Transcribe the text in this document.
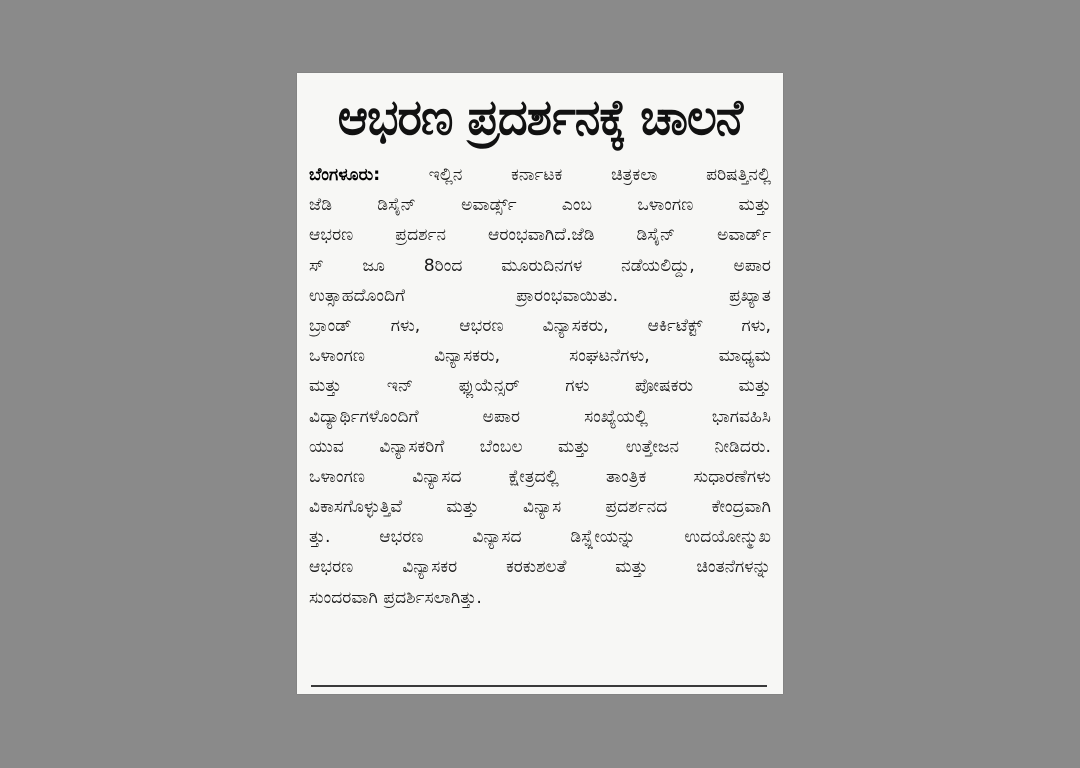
ಆಭರಣ ಪ್ರದರ್ಶನಕ್ಕೆ ಚಾಲನೆ
ಬೆಂಗಳೂರು: ಇಲ್ಲಿನ ಕರ್ನಾಟಕ ಚಿತ್ರಕಲಾ ಪರಿಷತ್ತಿನಲ್ಲಿ
ಜೆಡಿ ಡಿಸೈನ್ ಅವಾರ್ಡ್ಸ್ ಎಂಬ ಒಳಾಂಗಣ ಮತ್ತು
ಆಭರಣ ಪ್ರದರ್ಶನ ಆರಂಭವಾಗಿದೆ.ಜೆಡಿ ಡಿಸೈನ್ ಅವಾರ್ಡ್
ಸ್ ಜೂ 8ರಿಂದ ಮೂರುದಿನಗಳ ನಡೆಯಲಿದ್ದು, ಅಪಾರ
ಉತ್ಸಾಹದೊಂದಿಗೆ ಪ್ರಾರಂಭವಾಯಿತು. ಪ್ರಖ್ಯಾತ
ಬ್ರಾಂಡ್ ಗಳು, ಆಭರಣ ವಿನ್ಯಾಸಕರು, ಆರ್ಕಿಟೆಕ್ಟ್ ಗಳು,
ಒಳಾಂಗಣ ವಿನ್ಯಾಸಕರು, ಸಂಘಟನೆಗಳು, ಮಾಧ್ಯಮ
ಮತ್ತು ಇನ್ ಫ್ಲುಯೆನ್ಸರ್ ಗಳು ಪೋಷಕರು ಮತ್ತು
ವಿದ್ಯಾರ್ಥಿಗಳೊಂದಿಗೆ ಅಪಾರ ಸಂಖ್ಯೆಯಲ್ಲಿ ಭಾಗವಹಿಸಿ
ಯುವ ವಿನ್ಯಾಸಕರಿಗೆ ಬೆಂಬಲ ಮತ್ತು ಉತ್ತೇಜನ ನೀಡಿದರು.
ಒಳಾಂಗಣ ವಿನ್ಯಾಸದ ಕ್ಷೇತ್ರದಲ್ಲಿ ತಾಂತ್ರಿಕ ಸುಧಾರಣೆಗಳು
ವಿಕಾಸಗೊಳ್ಳುತ್ತಿವೆ ಮತ್ತು ವಿನ್ಯಾಸ ಪ್ರದರ್ಶನದ ಕೇಂದ್ರವಾಗಿ
ತ್ತು. ಆಭರಣ ವಿನ್ಯಾಸದ ಡಿಸ್ಪ್ಲೇಯನ್ನು ಉದಯೋನ್ಮುಖ
ಆಭರಣ ವಿನ್ಯಾಸಕರ ಕರಕುಶಲತೆ ಮತ್ತು ಚಿಂತನೆಗಳನ್ನು
ಸುಂದರವಾಗಿ ಪ್ರದರ್ಶಿಸಲಾಗಿತ್ತು.
